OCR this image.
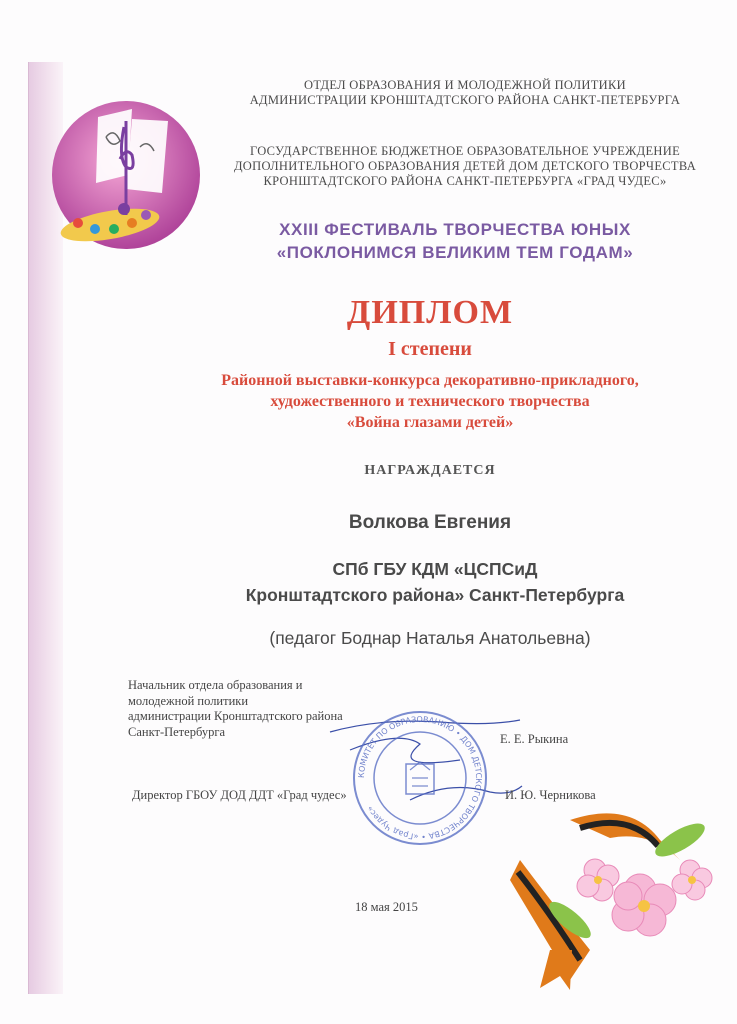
ОТДЕЛ ОБРАЗОВАНИЯ И МОЛОДЕЖНОЙ ПОЛИТИКИ
АДМИНИСТРАЦИИ КРОНШТАДТСКОГО РАЙОНА САНКТ-ПЕТЕРБУРГА
ГОСУДАРСТВЕННОЕ БЮДЖЕТНОЕ ОБРАЗОВАТЕЛЬНОЕ УЧРЕЖДЕНИЕ
ДОПОЛНИТЕЛЬНОГО ОБРАЗОВАНИЯ ДЕТЕЙ ДОМ ДЕТСКОГО ТВОРЧЕСТВА
КРОНШТАДТСКОГО РАЙОНА САНКТ-ПЕТЕРБУРГА «ГРАД ЧУДЕС»
XXIII ФЕСТИВАЛЬ ТВОРЧЕСТВА ЮНЫХ
«ПОКЛОНИМСЯ ВЕЛИКИМ ТЕМ ГОДАМ»
ДИПЛОМ
I степени
Районной выставки-конкурса декоративно-прикладного,
художественного и технического творчества
«Война глазами детей»
НАГРАЖДАЕТСЯ
Волкова Евгения
СПб ГБУ КДМ «ЦСПСиД
Кронштадтского района» Санкт-Петербурга
(педагог Боднар Наталья Анатольевна)
КОМИТЕТ ПО ОБРАЗОВАНИЮ • ДОМ ДЕТСКОГО ТВОРЧЕСТВА • «Град Чудес»
Начальник отдела образования и
молодежной политики
администрации Кронштадтского района
Санкт-Петербурга
Е. Е. Рыкина
Директор ГБОУ ДОД ДДТ «Град чудес»	И. Ю. Черникова
18 мая 2015
